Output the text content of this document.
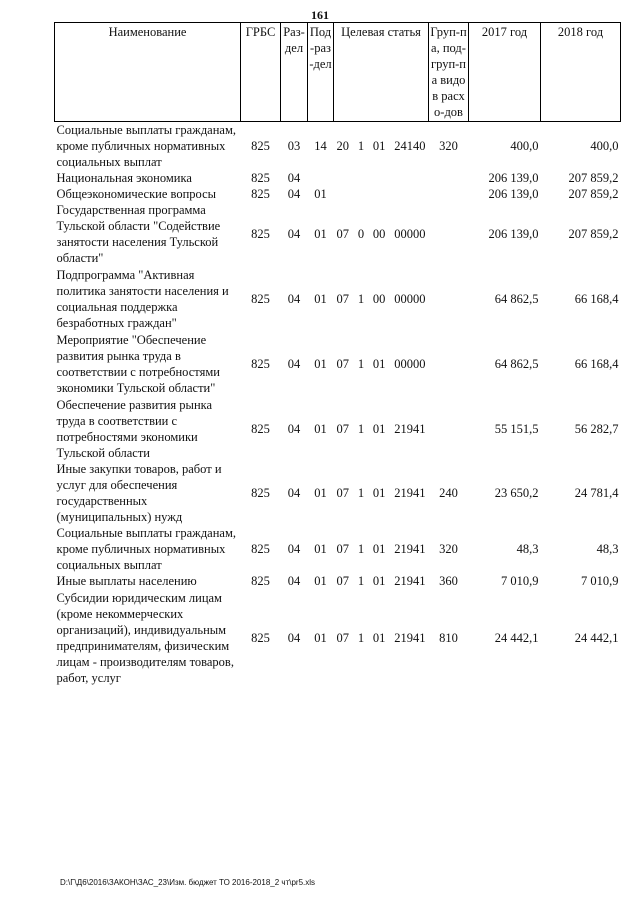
161
Наименование	ГРБС	Раз-дел	Под-раз-дел	Целевая статья	Груп-па, под-груп-па видов расхо-дов	2017 год	2018 год
Социальные выплаты гражданам, кроме публичных нормативных социальных выплат	825	03	14	20 1 01 24140	320	400,0	400,0
Национальная экономика	825	04				206 139,0	207 859,2
Общеэкономические вопросы	825	04	01			206 139,0	207 859,2
Государственная программа Тульской области "Содействие занятости населения Тульской области"	825	04	01	07 0 00 00000		206 139,0	207 859,2

Подпрограмма "Активная политика занятости населения и социальная поддержка безработных граждан"	825	04	01	07 1 00 00000		64 862,5	66 168,4

Мероприятие "Обеспечение развития рынка труда в соответствии с потребностями экономики Тульской области"	825	04	01	07 1 01 00000		64 862,5	66 168,4

Обеспечение развития рынка труда в соответствии с потребностями экономики Тульской области	825	04	01	07 1 01 21941		55 151,5	56 282,7
Иные закупки товаров, работ и услуг для обеспечения государственных (муниципальных) нужд	825	04	01	07 1 01 21941	240	23 650,2	24 781,4
Социальные выплаты гражданам, кроме публичных нормативных социальных выплат	825	04	01	07 1 01 21941	320	48,3	48,3
Иные выплаты населению	825	04	01	07 1 01 21941	360	7 010,9	7 010,9

Субсидии юридическим лицам (кроме некоммерческих организаций), индивидуальным предпринимателям, физическим лицам - производителям товаров, работ, услуг	825	04	01	07 1 01 21941	810	24 442,1	24 442,1
D:\Г\Д6\2016\ЗАКОН\ЗАС_23\Изм. бюджет ТО 2016-2018_2 чт\pr5.xls
